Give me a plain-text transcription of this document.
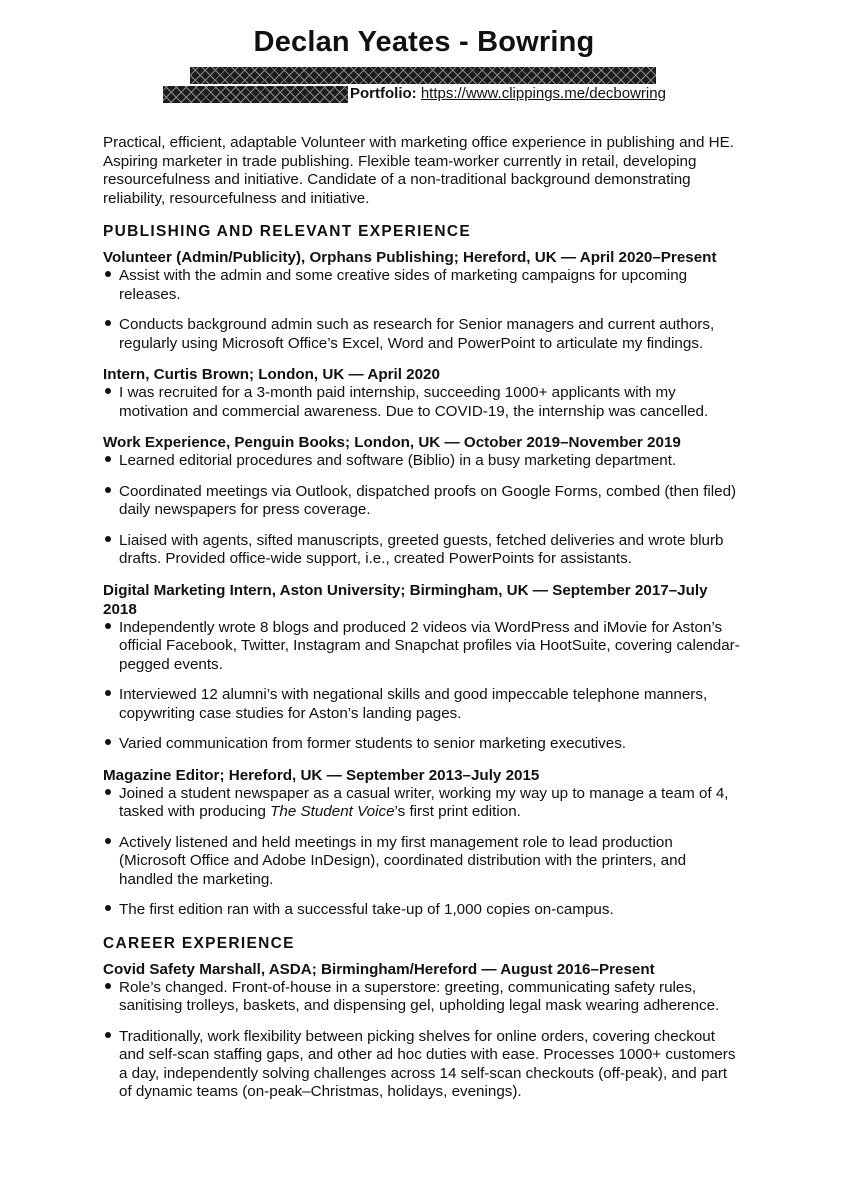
Declan Yeates - Bowring
Portfolio: https://www.clippings.me/decbowring

Practical, efficient, adaptable Volunteer with marketing office experience in publishing and HE. Aspiring marketer in trade publishing. Flexible team-worker currently in retail, developing resourcefulness and initiative. Candidate of a non-traditional background demonstrating reliability, resourcefulness and initiative.

PUBLISHING AND RELEVANT EXPERIENCE
Volunteer (Admin/Publicity), Orphans Publishing; Hereford, UK — April 2020–Present
Assist with the admin and some creative sides of marketing campaigns for upcoming releases.
Conducts background admin such as research for Senior managers and current authors, regularly using Microsoft Office’s Excel, Word and PowerPoint to articulate my findings.
Intern, Curtis Brown; London, UK — April 2020
I was recruited for a 3-month paid internship, succeeding 1000+ applicants with my motivation and commercial awareness. Due to COVID-19, the internship was cancelled.
Work Experience, Penguin Books; London, UK — October 2019–November 2019
Learned editorial procedures and software (Biblio) in a busy marketing department.
Coordinated meetings via Outlook, dispatched proofs on Google Forms, combed (then filed) daily newspapers for press coverage.
Liaised with agents, sifted manuscripts, greeted guests, fetched deliveries and wrote blurb drafts. Provided office-wide support, i.e., created PowerPoints for assistants.
Digital Marketing Intern, Aston University; Birmingham, UK — September 2017–July 2018
Independently wrote 8 blogs and produced 2 videos via WordPress and iMovie for Aston’s official Facebook, Twitter, Instagram and Snapchat profiles via HootSuite, covering calendar-pegged events.
Interviewed 12 alumni’s with negational skills and good impeccable telephone manners, copywriting case studies for Aston’s landing pages.
Varied communication from former students to senior marketing executives.
Magazine Editor; Hereford, UK — September 2013–July 2015
Joined a student newspaper as a casual writer, working my way up to manage a team of 4, tasked with producing The Student Voice’s first print edition.
Actively listened and held meetings in my first management role to lead production (Microsoft Office and Adobe InDesign), coordinated distribution with the printers, and handled the marketing.
The first edition ran with a successful take-up of 1,000 copies on-campus.
CAREER EXPERIENCE
Covid Safety Marshall, ASDA; Birmingham/Hereford — August 2016–Present
Role’s changed. Front-of-house in a superstore: greeting, communicating safety rules, sanitising trolleys, baskets, and dispensing gel, upholding legal mask wearing adherence.
Traditionally, work flexibility between picking shelves for online orders, covering checkout and self-scan staffing gaps, and other ad hoc duties with ease. Processes 1000+ customers a day, independently solving challenges across 14 self-scan checkouts (off-peak), and part of dynamic teams (on-peak–Christmas, holidays, evenings).
